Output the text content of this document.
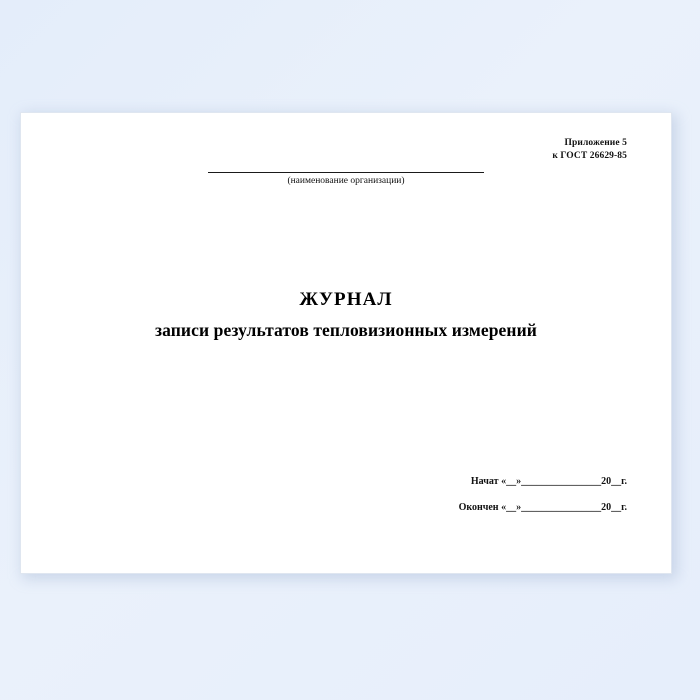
Приложение 5
к ГОСТ 26629-85
(наименование организации)
ЖУРНАЛ
записи результатов тепловизионных измерений
Начат «__»________________20__г.
Окончен «__»________________20__г.
